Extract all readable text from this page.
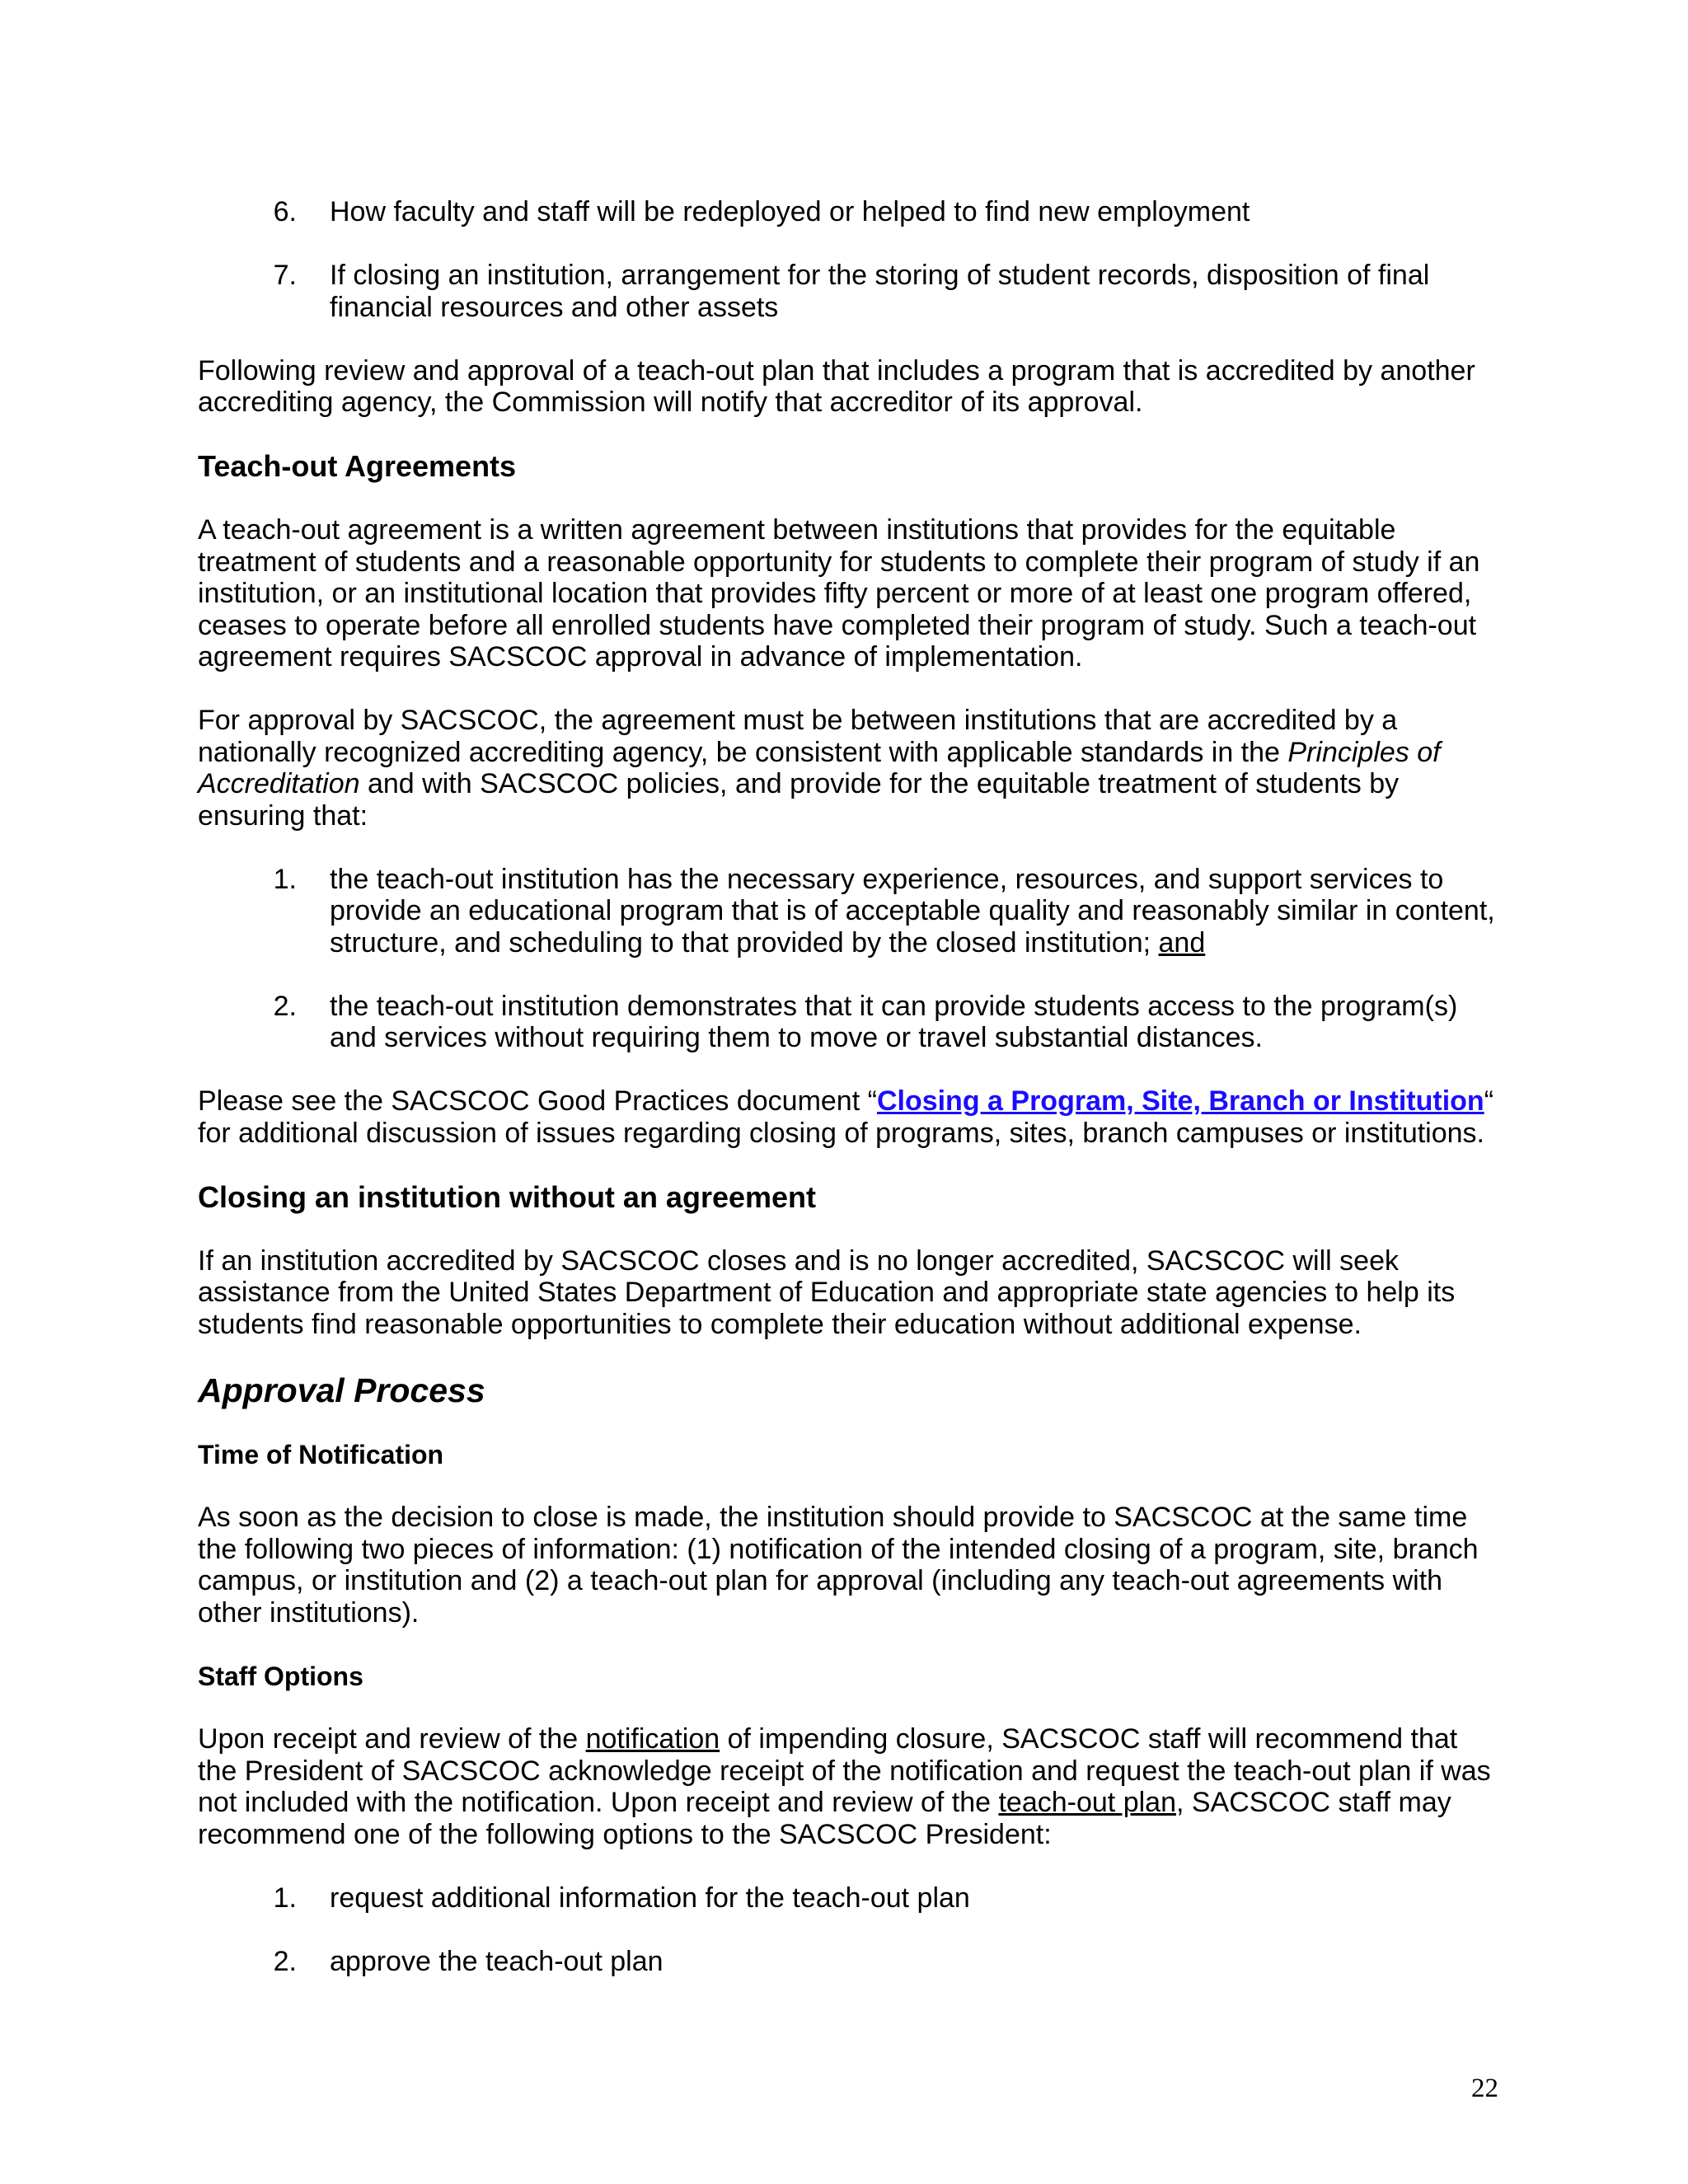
6.	How faculty and staff will be redeployed or helped to find new employment
7.	If closing an institution, arrangement for the storing of student records, disposition of final financial resources and other assets

Following review and approval of a teach-out plan that includes a program that is accredited by another accrediting agency, the Commission will notify that accreditor of its approval.

Teach-out Agreements

A teach-out agreement is a written agreement between institutions that provides for the equitable treatment of students and a reasonable opportunity for students to complete their program of study if an institution, or an institutional location that provides fifty percent or more of at least one program offered, ceases to operate before all enrolled students have completed their program of study. Such a teach-out agreement requires SACSCOC approval in advance of implementation.

For approval by SACSCOC, the agreement must be between institutions that are accredited by a nationally recognized accrediting agency, be consistent with applicable standards in the Principles of Accreditation and with SACSCOC policies, and provide for the equitable treatment of students by ensuring that:

1.	the teach-out institution has the necessary experience, resources, and support services to provide an educational program that is of acceptable quality and reasonably similar in content, structure, and scheduling to that provided by the closed institution; and
2.	the teach-out institution demonstrates that it can provide students access to the program(s) and services without requiring them to move or travel substantial distances.

Please see the SACSCOC Good Practices document “Closing a Program, Site, Branch or Institution“ for additional discussion of issues regarding closing of programs, sites, branch campuses or institutions.

Closing an institution without an agreement

If an institution accredited by SACSCOC closes and is no longer accredited, SACSCOC will seek assistance from the United States Department of Education and appropriate state agencies to help its students find reasonable opportunities to complete their education without additional expense.

Approval Process
Time of Notification

As soon as the decision to close is made, the institution should provide to SACSCOC at the same time the following two pieces of information: (1) notification of the intended closing of a program, site, branch campus, or institution and (2) a teach-out plan for approval (including any teach-out agreements with other institutions).

Staff Options

Upon receipt and review of the notification of impending closure, SACSCOC staff will recommend that the President of SACSCOC acknowledge receipt of the notification and request the teach-out plan if was not included with the notification. Upon receipt and review of the teach-out plan, SACSCOC staff may recommend one of the following options to the SACSCOC President:

1.	request additional information for the teach-out plan
2.	approve the teach-out plan
22
